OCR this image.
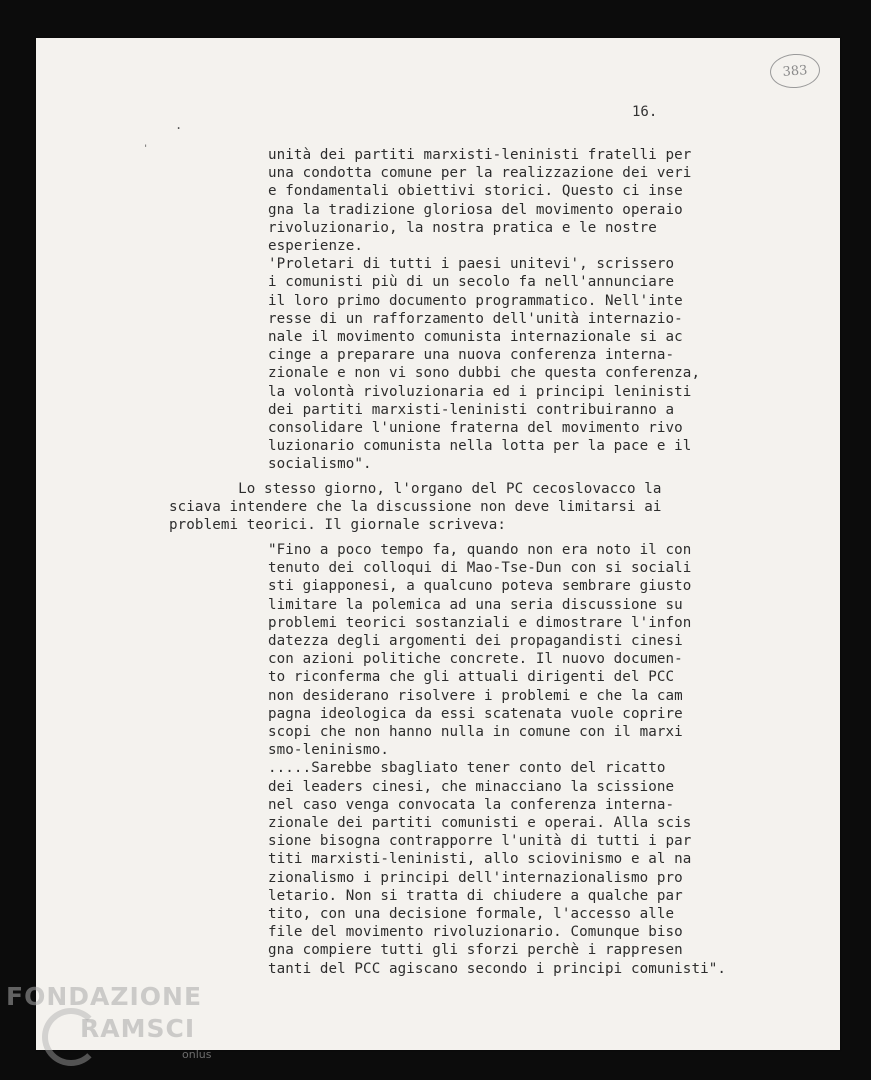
383
16.
.
'	unità dei partiti marxisti-leninisti fratelli per
una condotta comune per la realizzazione dei veri
e fondamentali obiettivi storici. Questo ci inse
gna la tradizione gloriosa del movimento operaio
rivoluzionario, la nostra pratica e le nostre
esperienze.
'Proletari di tutti i paesi unitevi', scrissero
i comunisti più di un secolo fa nell'annunciare
il loro primo documento programmatico. Nell'inte
resse di un rafforzamento dell'unità internazio-
nale il movimento comunista internazionale si ac
cinge a preparare una nuova conferenza interna-
zionale e non vi sono dubbi che questa conferenza,
la volontà rivoluzionaria ed i principi leninisti
dei partiti marxisti-leninisti contribuiranno a
consolidare l'unione fraterna del movimento rivo
luzionario comunista nella lotta per la pace e il
socialismo".
Lo stesso giorno, l'organo del PC cecoslovacco la
sciava intendere che la discussione non deve limitarsi ai
problemi teorici. Il giornale scriveva:
"Fino a poco tempo fa, quando non era noto il con
tenuto dei colloqui di Mao-Tse-Dun con si sociali
sti giapponesi, a qualcuno poteva sembrare giusto
limitare la polemica ad una seria discussione su
problemi teorici sostanziali e dimostrare l'infon
datezza degli argomenti dei propagandisti cinesi
con azioni politiche concrete. Il nuovo documen-
to riconferma che gli attuali dirigenti del PCC
non desiderano risolvere i problemi e che la cam
pagna ideologica da essi scatenata vuole coprire
scopi che non hanno nulla in comune con il marxi
smo-leninismo.
.....Sarebbe sbagliato tener conto del ricatto
dei leaders cinesi, che minacciano la scissione
nel caso venga convocata la conferenza interna-
zionale dei partiti comunisti e operai. Alla scis
sione bisogna contrapporre l'unità di tutti i par
titi marxisti-leninisti, allo sciovinismo e al na
zionalismo i principi dell'internazionalismo pro
letario. Non si tratta di chiudere a qualche par
tito, con una decisione formale, l'accesso alle
file del movimento rivoluzionario. Comunque biso
gna compiere tutti gli sforzi perchè i rappresen
tanti del PCC agiscano secondo i principi comunisti".
FONDAZIONE
RAMSCI
onlus
